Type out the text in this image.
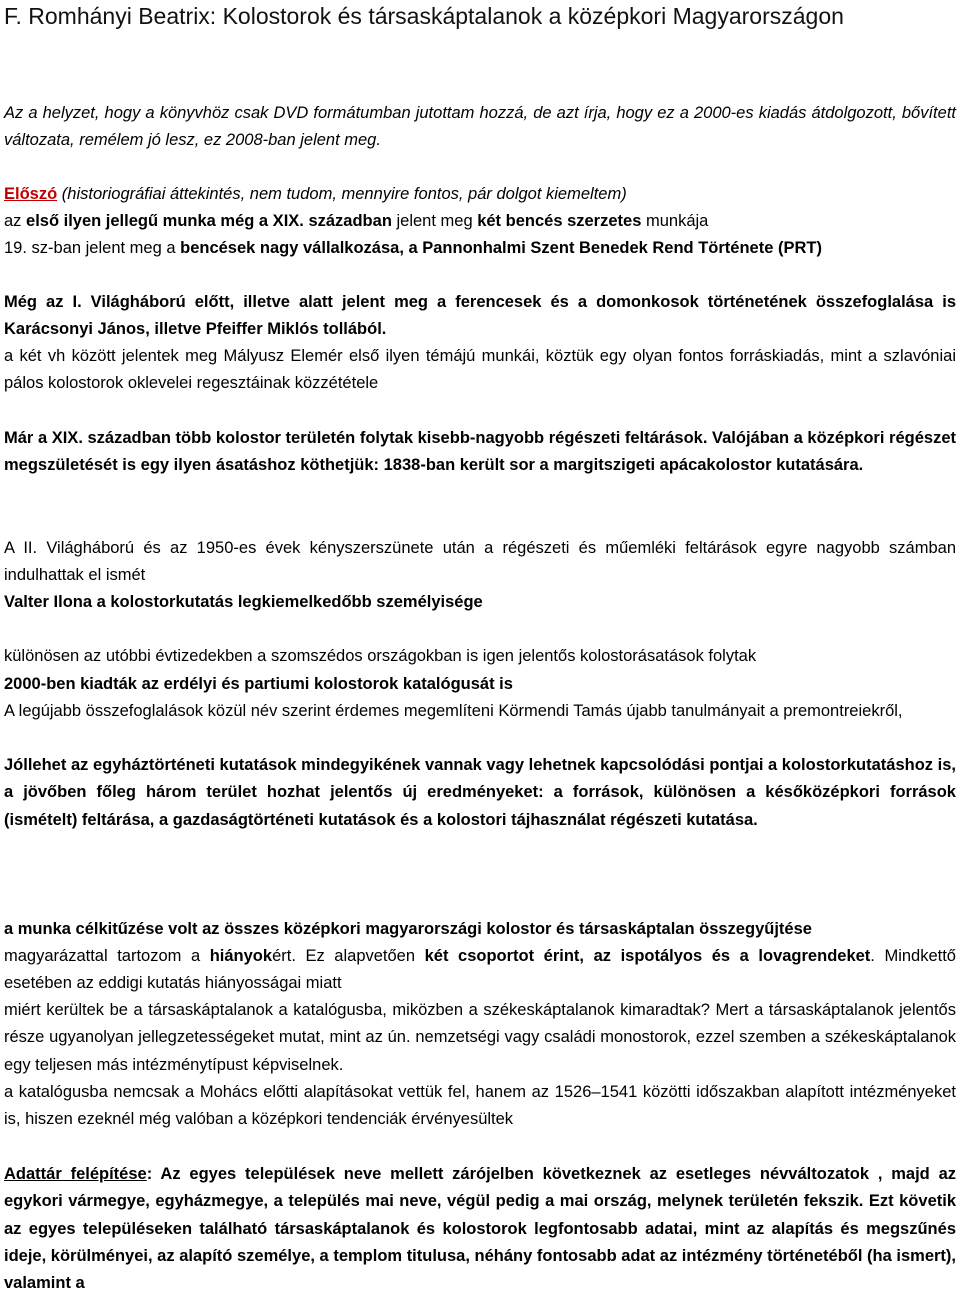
F. Romhányi Beatrix: Kolostorok és társaskáptalanok a középkori Magyarországon

Az a helyzet, hogy a könyvhöz csak DVD formátumban jutottam hozzá, de azt írja, hogy ez a 2000-es kiadás átdolgozott, bővített változata, remélem jó lesz, ez 2008-ban jelent meg.

Előszó (historiográfiai áttekintés, nem tudom, mennyire fontos, pár dolgot kiemeltem)
az első ilyen jellegű munka még a XIX. században jelent meg két bencés szerzetes munkája

19. sz-ban jelent meg a bencések nagy vállalkozása, a Pannonhalmi Szent Benedek Rend Története (PRT)

Még az I. Világháború előtt, illetve alatt jelent meg a ferencesek és a domonkosok történetének összefoglalása is Karácsonyi János, illetve Pfeiffer Miklós tollából.

a két vh között jelentek meg Mályusz Elemér első ilyen témájú munkái, köztük egy olyan fontos forráskiadás, mint a szlavóniai pálos kolostorok oklevelei regesztáinak közzététele

Már a XIX. században több kolostor területén folytak kisebb-nagyobb régészeti feltárások. Valójában a középkori régészet megszületését is egy ilyen ásatáshoz köthetjük: 1838-ban került sor a margitszigeti apácakolostor kutatására.

A II. Világháború és az 1950-es évek kényszerszünete után a régészeti és műemléki feltárások egyre nagyobb számban indulhattak el ismét

Valter Ilona a kolostorkutatás legkiemelkedőbb személyisége

különösen az utóbbi évtizedekben a szomszédos országokban is igen jelentős kolostorásatások folytak

2000-ben kiadták az erdélyi és partiumi kolostorok katalógusát is

A legújabb összefoglalások közül név szerint érdemes megemlíteni Körmendi Tamás újabb tanulmányait a premontreiekről,

Jóllehet az egyháztörténeti kutatások mindegyikének vannak vagy lehetnek kapcsolódási pontjai a kolostorkutatáshoz is, a jövőben főleg három terület hozhat jelentős új eredményeket: a források, különösen a későközépkori források (ismételt) feltárása, a gazdaságtörténeti kutatások és a kolostori tájhasználat régészeti kutatása.

a munka célkitűzése volt az összes középkori magyarországi kolostor és társaskáptalan összegyűjtése

magyarázattal tartozom a hiányokért. Ez alapvetően két csoportot érint, az ispotályos és a lovagrendeket. Mindkettő esetében az eddigi kutatás hiányosságai miatt

miért kerültek be a társaskáptalanok a katalógusba, miközben a székeskáptalanok kimaradtak? Mert a társaskáptalanok jelentős része ugyanolyan jellegzetességeket mutat, mint az ún. nemzetségi vagy családi monostorok, ezzel szemben a székeskáptalanok egy teljesen más intézménytípust képviselnek.

a katalógusba nemcsak a Mohács előtti alapításokat vettük fel, hanem az 1526–1541 közötti időszakban alapított intézményeket is, hiszen ezeknél még valóban a középkori tendenciák érvényesültek

Adattár felépítése: Az egyes települések neve mellett zárójelben következnek az esetleges névváltozatok , majd az egykori vármegye, egyházmegye, a település mai neve, végül pedig a mai ország, melynek területén fekszik. Ezt követik az egyes településeken található társaskáptalanok és kolostorok legfontosabb adatai, mint az alapítás és megszűnés ideje, körülményei, az alapító személye, a templom titulusa, néhány fontosabb adat az intézmény történetéből (ha ismert), valamint a
